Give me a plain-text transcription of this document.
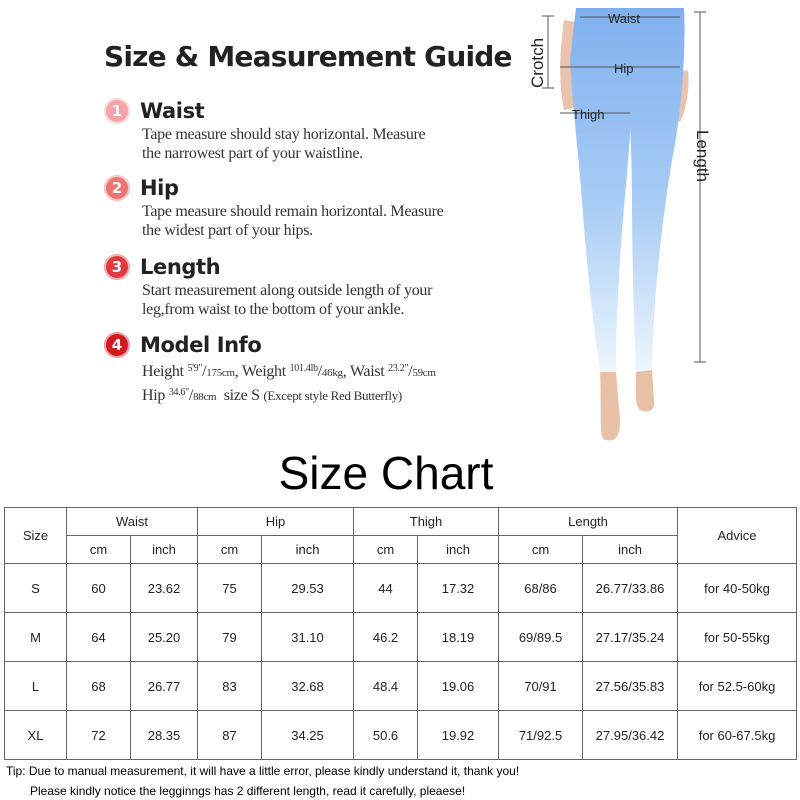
Size & Measurement Guide
1 Waist
Tape measure should stay horizontal. Measure
the narrowest part of your waistline.
2 Hip
Tape measure should remain horizontal. Measure
the widest part of your hips.
3 Length
Start measurement along outside length of your
leg,from waist to the bottom of your ankle.
4 Model Info
Height $^{5'9"}$/175cm, Weight $^{101.4lb}$/46kg, Waist $^{23.2"}$/59cm
Hip $^{34.6"}$/88cm size S (Except style Red Butterfly)
Waist
Hip
Thigh
Crotch
Length
Size Chart
Size	Waist		Hip		Thigh		Length		Advice
	cm	inch	cm	inch	cm	inch	cm	inch	
S	60	23.62	75	29.53	44	17.32	68/86	26.77/33.86	for 40-50kg
M	64	25.20	79	31.10	46.2	18.19	69/89.5	27.17/35.24	for 50-55kg
L	68	26.77	83	32.68	48.4	19.06	70/91	27.56/35.83	for 52.5-60kg
XL	72	28.35	87	34.25	50.6	19.92	71/92.5	27.95/36.42	for 60-67.5kg
Tip: Due to manual measurement, it will have a little error, please kindly understand it, thank you!
Please kindly notice the legginngs has 2 different length, read it carefully, pleaese!
